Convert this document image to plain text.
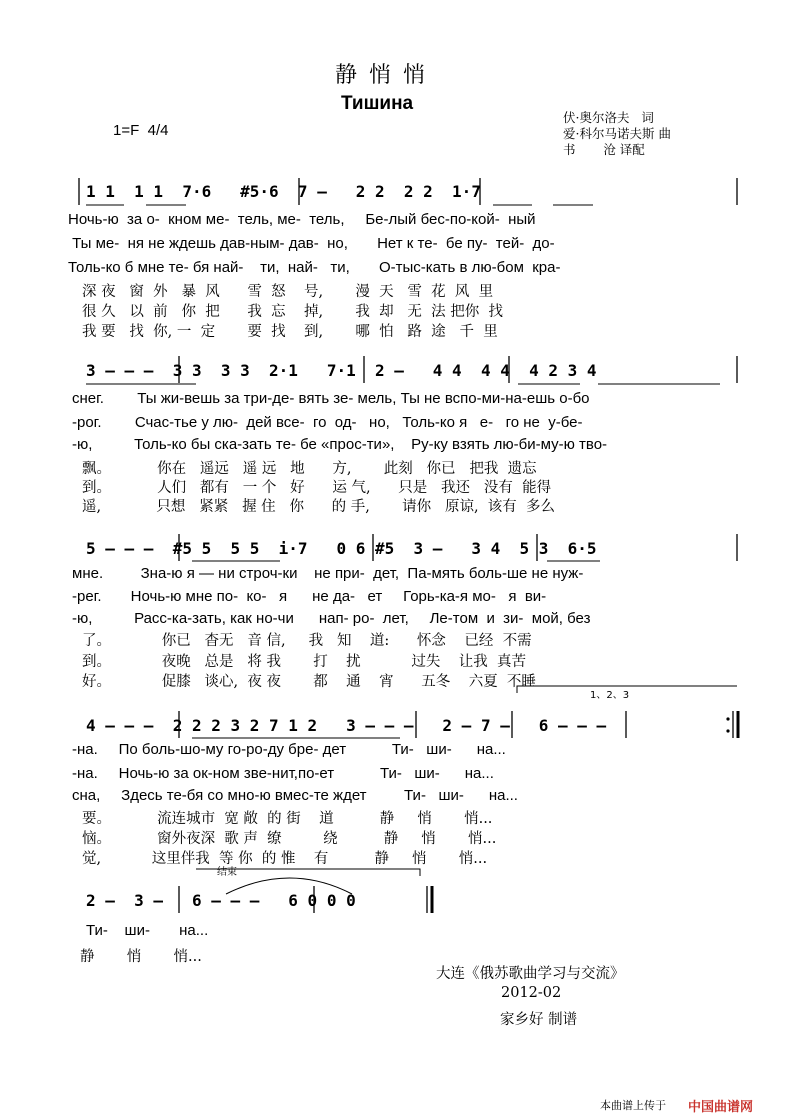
静悄悄
Тишина
1=F  4/4
伏·奥尔洛夫   词
爱·科尔马诺夫斯 曲
书       沧 译配
1 1  1 1  7·6   #5·6  7 –   2 2  2 2  1·7
Ночь-ю  за о-  кном ме-  тель, ме-  тель,     Бе-лый бес-по-кой-  ный
Ты ме-  ня не ждешь дав-ным- дав-  но,       Нет к те-  бе пу-  тей-  до-
Толь-ко б мне те- бя най-    ти,  най-   ти,       О-тыс-кать в лю-бом  кра-
深 夜   窗  外   暴  风      雪  怒    号,       漫  天   雪  花  风  里
很 久   以  前   你  把      我  忘    掉,       我  却   无  法 把你  找
我 要   找  你, 一  定       要  找    到,       哪  怕   路  途   千  里
3 – – –  3 3  3 3  2·1   7·1  2 –   4 4  4 4  4 2 3 4
снег.        Ты жи-вешь за три-де- вять зе- мель, Ты не вспо-ми-на-ешь о-бо
-рог.        Счас-тье у лю-  дей все-  го  од-   но,   Толь-ко я   е-   го не  у-бе-
-ю,          Толь-ко бы ска-зать те- бе «прос-ти»,    Ру-ку взять лю-би-му-ю тво-
飘。          你在   遥远   遥 远   地      方,       此刻   你已   把我  遗忘
到。          人们   都有   一 个   好      运 气,      只是   我还   没有  能得
遥,            只想   紧紧   握 住   你      的 手,       请你   原谅,  该有  多么
5 – – –  #5 5  5 5  i·7   0 6 #5  3 –   3 4  5 3  6·5
мне.         Зна-ю я — ни строч-ки    не при-  дет,  Па-мять боль-ше не нуж-
-рег.       Ночь-ю мне по-  ко-   я      не да-   ет     Горь-ка-я мо-   я  ви-
-ю,          Расс-ка-зать, как но-чи      нап- ро-  лет,     Ле-том  и  зи-  мой, без
了。           你已   杳无   音 信,     我   知    道:      怀念    已经  不需
到。           夜晚   总是   将 我       打    扰           过失    让我  真苦
好。           促膝   谈心,  夜 夜       都    通    宵      五冬    六夏  不睡
1、2、3
4 – – –  2 2 2 3 2 7 1 2   3 – – –   2 – 7 –   6 – – –
-на.     По боль-шо-му го-ро-ду бре- дет           Ти-   ши-      на...
-на.     Ночь-ю за ок-ном зве-нит,по-ет           Ти-   ши-      на...
сна,     Здесь те-бя со мно-ю вмес-те ждет         Ти-   ши-      на...
要。          流连城市  宽 敞  的 街    道          静     悄       悄...
恼。          窗外夜深  歌 声  缭         绕          静     悄       悄...
觉,           这里伴我  等 你  的 惟    有          静     悄       悄...
结束
2 –  3 –   6 – – –   6 0 0 0
Ти-    ши-       на...
静       悄       悄...
大连《俄苏歌曲学习与交流》
2012-02
家乡好 制谱
本曲谱上传于 中国曲谱网
